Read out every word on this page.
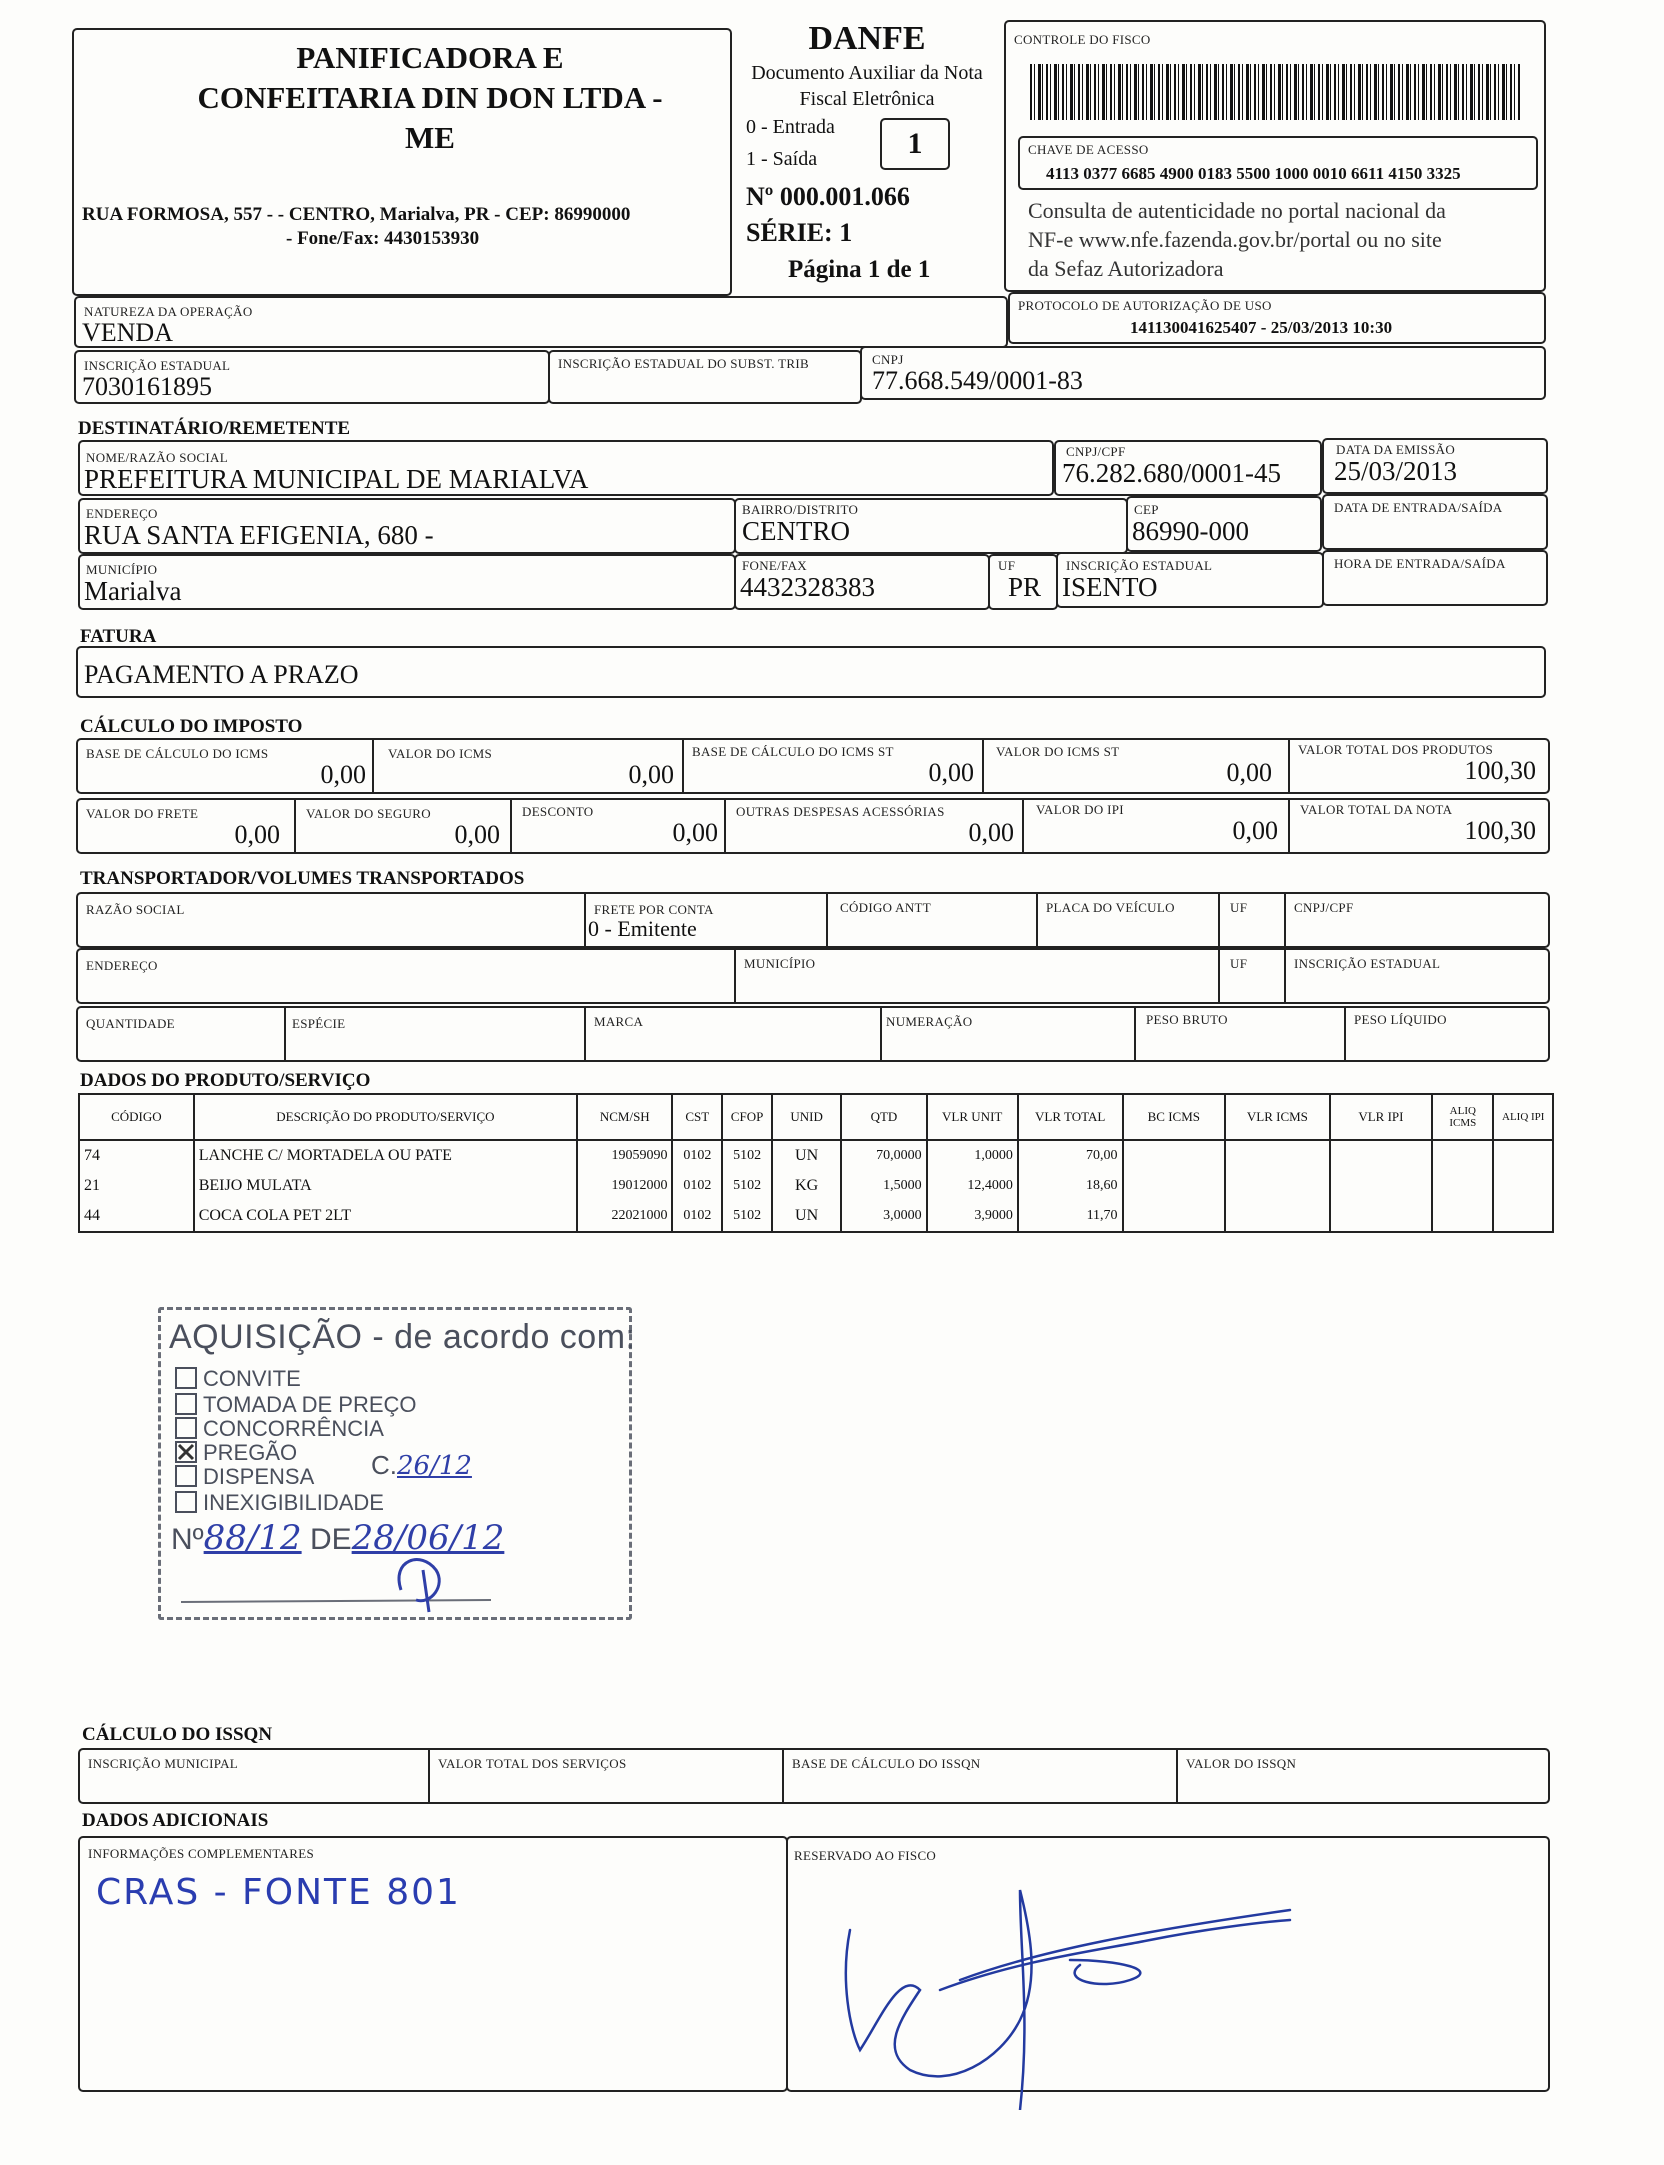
PANIFICADORA E
CONFEITARIA DIN DON LTDA -
ME
RUA FORMOSA, 557 - - CENTRO, Marialva, PR - CEP: 86990000
- Fone/Fax: 4430153930
DANFE
Documento Auxiliar da Nota
Fiscal Eletrônica
0 - Entrada
1 - Saída	1
Nº 000.001.066
SÉRIE: 1
Página 1 de 1
CONTROLE DO FISCO
CHAVE DE ACESSO
4113 0377 6685 4900 0183 5500 1000 0010 6611 4150 3325
Consulta de autenticidade no portal nacional da
NF-e www.nfe.fazenda.gov.br/portal ou no site
da Sefaz Autorizadora
NATUREZA DA OPERAÇÃO
VENDA
PROTOCOLO DE AUTORIZAÇÃO DE USO
141130041625407 - 25/03/2013 10:30
INSCRIÇÃO ESTADUAL
7030161895
INSCRIÇÃO ESTADUAL DO SUBST. TRIB	CNPJ
77.668.549/0001-83
DESTINATÁRIO/REMETENTE
NOME/RAZÃO SOCIAL
PREFEITURA MUNICIPAL DE MARIALVA
CNPJ/CPF
76.282.680/0001-45
DATA DA EMISSÃO
25/03/2013
ENDEREÇO
RUA SANTA EFIGENIA, 680 -
BAIRRO/DISTRITO
CENTRO
CEP
86990-000
DATA DE ENTRADA/SAÍDA
MUNICÍPIO
Marialva
FONE/FAX
4432328383
UF
PR
INSCRIÇÃO ESTADUAL
ISENTO
HORA DE ENTRADA/SAÍDA
FATURA
PAGAMENTO A PRAZO
CÁLCULO DO IMPOSTO
BASE DE CÁLCULO DO ICMS
0,00
VALOR DO ICMS
0,00
BASE DE CÁLCULO DO ICMS ST
0,00
VALOR DO ICMS ST
0,00
VALOR TOTAL DOS PRODUTOS
100,30
VALOR DO FRETE
0,00
VALOR DO SEGURO
0,00
DESCONTO
0,00
OUTRAS DESPESAS ACESSÓRIAS
0,00
VALOR DO IPI
0,00
VALOR TOTAL DA NOTA
100,30
TRANSPORTADOR/VOLUMES TRANSPORTADOS
RAZÃO SOCIAL	FRETE POR CONTA
0 - Emitente
CÓDIGO ANTT	PLACA DO VEÍCULO	UF	CNPJ/CPF
ENDEREÇO	MUNICÍPIO	UF	INSCRIÇÃO ESTADUAL
QUANTIDADE	ESPÉCIE	MARCA	NUMERAÇÃO	PESO BRUTO	PESO LÍQUIDO
DADOS DO PRODUTO/SERVIÇO
CÓDIGO	DESCRIÇÃO DO PRODUTO/SERVIÇO	NCM/SH	CST	CFOP	UNID	QTD	VLR UNIT	VLR TOTAL	BC ICMS	VLR ICMS	VLR IPI	ALIQ ICMS	ALIQ IPI
74	LANCHE C/ MORTADELA OU PATE	19059090	0102	5102	UN	70,0000	1,0000	70,00					
21	BEIJO MULATA	19012000	0102	5102	KG	1,5000	12,4000	18,60					
44	COCA COLA PET 2LT	22021000	0102	5102	UN	3,0000	3,9000	11,70					
AQUISIÇÃO - de acordo com:
CONVITE
TOMADA DE PREÇO
CONCORRÊNCIA
PREGÃO
DISPENSA
INEXIGIBILIDADE
C.26/12
Nº88/12 DE28/06/12
CÁLCULO DO ISSQN
INSCRIÇÃO MUNICIPAL	VALOR TOTAL DOS SERVIÇOS	BASE DE CÁLCULO DO ISSQN	VALOR DO ISSQN
DADOS ADICIONAIS
INFORMAÇÕES COMPLEMENTARES
CRAS - FONTE 801
RESERVADO AO FISCO
